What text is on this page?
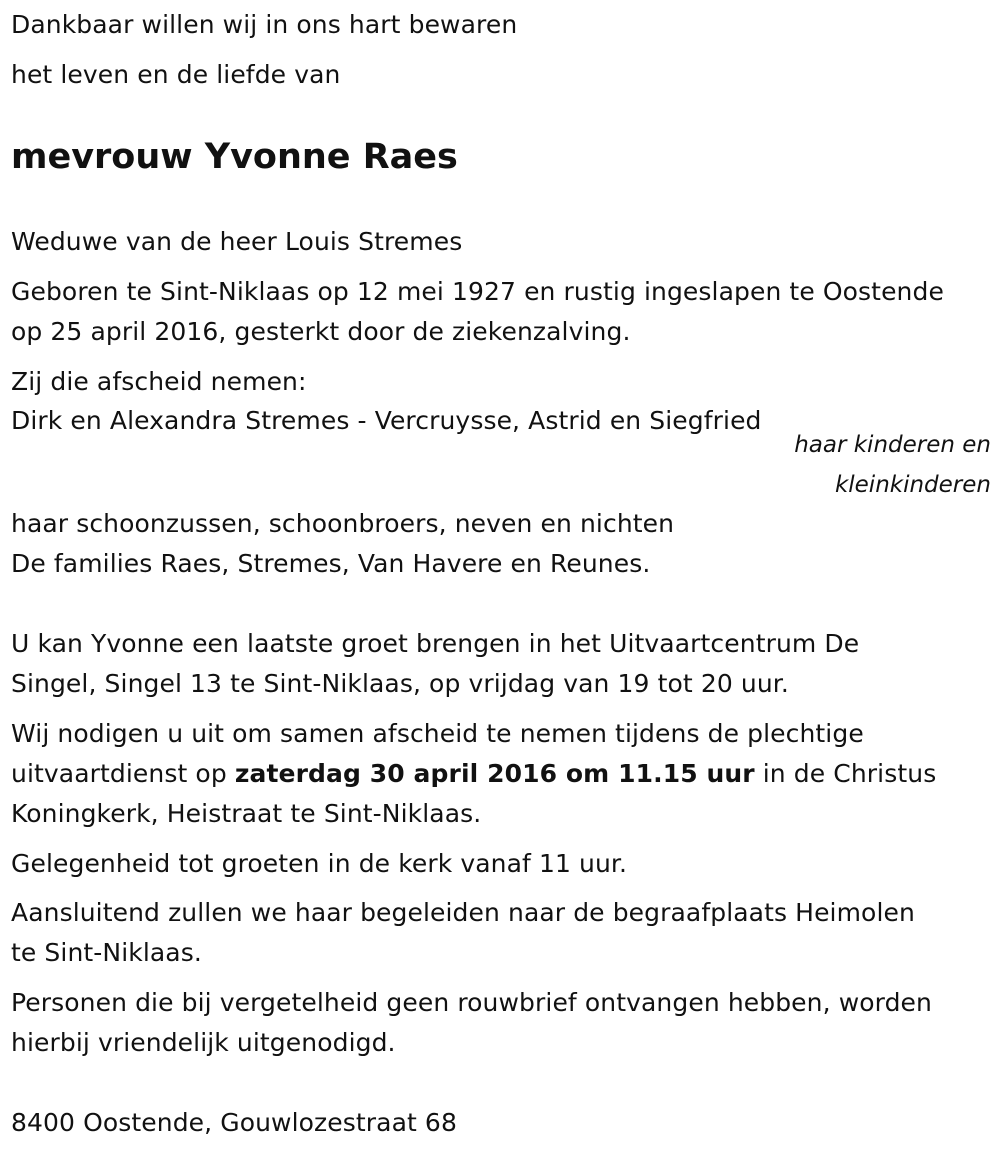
Dankbaar willen wij in ons hart bewaren
het leven en de liefde van
mevrouw Yvonne Raes
Weduwe van de heer Louis Stremes
Geboren te Sint-Niklaas op 12 mei 1927 en rustig ingeslapen te Oostende
op 25 april 2016, gesterkt door de ziekenzalving.
Zij die afscheid nemen:
Dirk en Alexandra Stremes - Vercruysse, Astrid en Siegfried
haar kinderen en
kleinkinderen
haar schoonzussen, schoonbroers, neven en nichten
De families Raes, Stremes, Van Havere en Reunes.
U kan Yvonne een laatste groet brengen in het Uitvaartcentrum De
Singel, Singel 13 te Sint-Niklaas, op vrijdag van 19 tot 20 uur.
Wij nodigen u uit om samen afscheid te nemen tijdens de plechtige
uitvaartdienst op zaterdag 30 april 2016 om 11.15 uur in de Christus
Koningkerk, Heistraat te Sint-Niklaas.
Gelegenheid tot groeten in de kerk vanaf 11 uur.
Aansluitend zullen we haar begeleiden naar de begraafplaats Heimolen
te Sint-Niklaas.
Personen die bij vergetelheid geen rouwbrief ontvangen hebben, worden
hierbij vriendelijk uitgenodigd.
8400 Oostende, Gouwlozestraat 68
